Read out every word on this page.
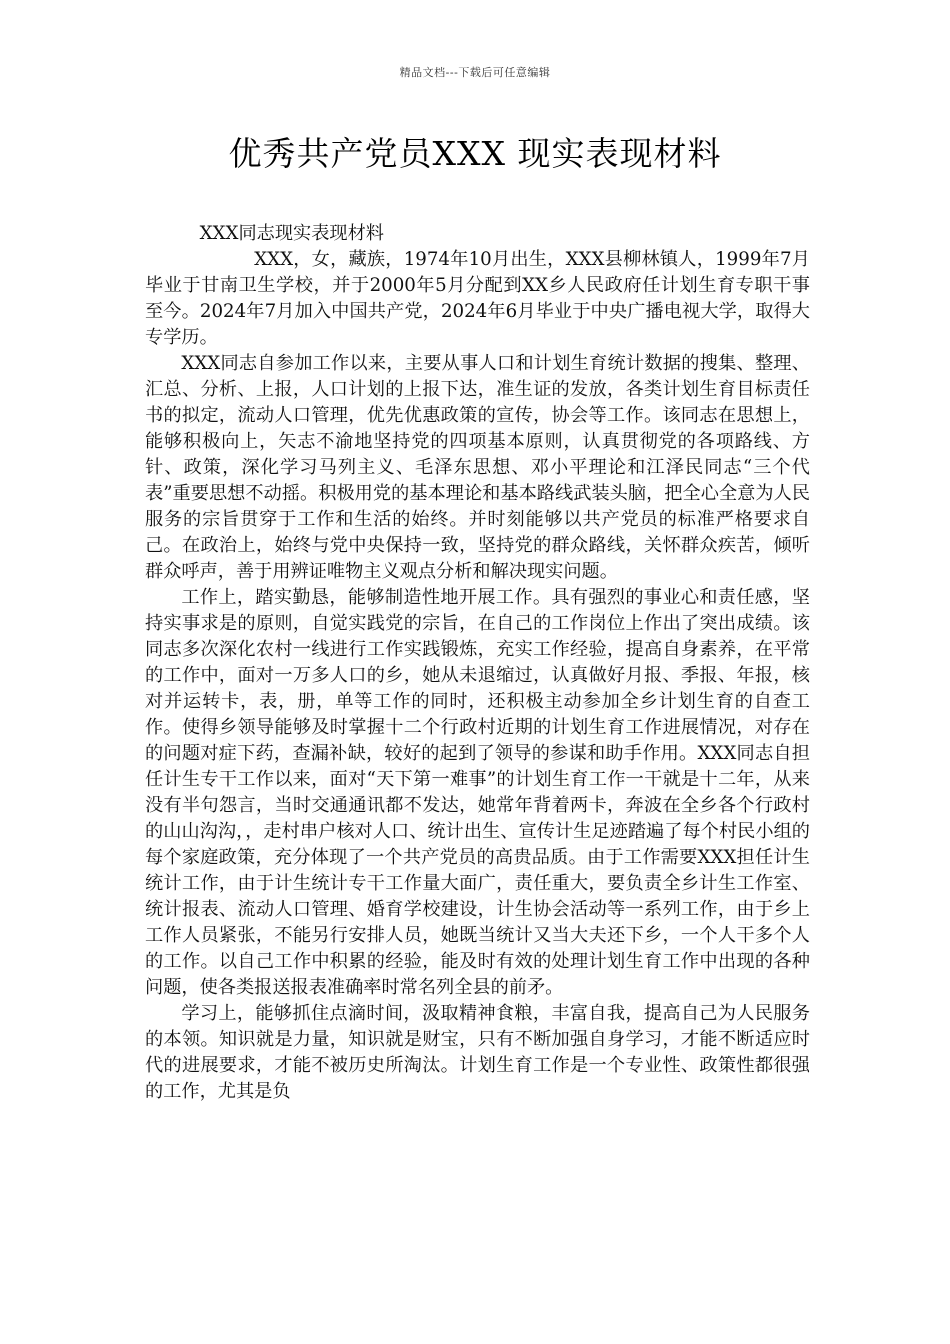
精品文档---下载后可任意编辑
优秀共产党员XXX 现实表现材料

XXX同志现实表现材料

XXX，女，藏族，1974年10月出生，XXX县柳林镇人，1999年7月毕业于甘南卫生学校，并于2000年5月分配到XX乡人民政府任计划生育专职干事至今。2024年7月加入中国共产党，2024年6月毕业于中央广播电视大学，取得大专学历。

XXX同志自参加工作以来，主要从事人口和计划生育统计数据的搜集、整理、汇总、分析、上报，人口计划的上报下达，准生证的发放，各类计划生育目标责任书的拟定，流动人口管理，优先优惠政策的宣传，协会等工作。该同志在思想上，能够积极向上，矢志不渝地坚持党的四项基本原则，认真贯彻党的各项路线、方针、政策，深化学习马列主义、毛泽东思想、邓小平理论和江泽民同志“三个代表”重要思想不动摇。积极用党的基本理论和基本路线武装头脑，把全心全意为人民服务的宗旨贯穿于工作和生活的始终。并时刻能够以共产党员的标准严格要求自己。在政治上，始终与党中央保持一致，坚持党的群众路线，关怀群众疾苦，倾听群众呼声，善于用辨证唯物主义观点分析和解决现实问题。

工作上，踏实勤恳，能够制造性地开展工作。具有强烈的事业心和责任感，坚持实事求是的原则，自觉实践党的宗旨，在自己的工作岗位上作出了突出成绩。该同志多次深化农村一线进行工作实践锻炼，充实工作经验，提高自身素养，在平常的工作中，面对一万多人口的乡，她从未退缩过，认真做好月报、季报、年报，核对并运转卡，表，册，单等工作的同时，还积极主动参加全乡计划生育的自查工作。使得乡领导能够及时掌握十二个行政村近期的计划生育工作进展情况，对存在的问题对症下药，查漏补缺，较好的起到了领导的参谋和助手作用。XXX同志自担任计生专干工作以来，面对“天下第一难事”的计划生育工作一干就是十二年，从来没有半句怨言，当时交通通讯都不发达，她常年背着两卡，奔波在全乡各个行政村的山山沟沟，，走村串户核对人口、统计出生、宣传计生足迹踏遍了每个村民小组的每个家庭政策，充分体现了一个共产党员的高贵品质。由于工作需要XXX担任计生统计工作，由于计生统计专干工作量大面广，责任重大，要负责全乡计生工作室、统计报表、流动人口管理、婚育学校建设，计生协会活动等一系列工作，由于乡上工作人员紧张，不能另行安排人员，她既当统计又当大夫还下乡，一个人干多个人的工作。以自己工作中积累的经验，能及时有效的处理计划生育工作中出现的各种问题，使各类报送报表准确率时常名列全县的前矛。

学习上，能够抓住点滴时间，汲取精神食粮，丰富自我，提高自己为人民服务的本领。知识就是力量，知识就是财宝，只有不断加强自身学习，才能不断适应时代的进展要求，才能不被历史所淘汰。计划生育工作是一个专业性、政策性都很强的工作，尤其是负
